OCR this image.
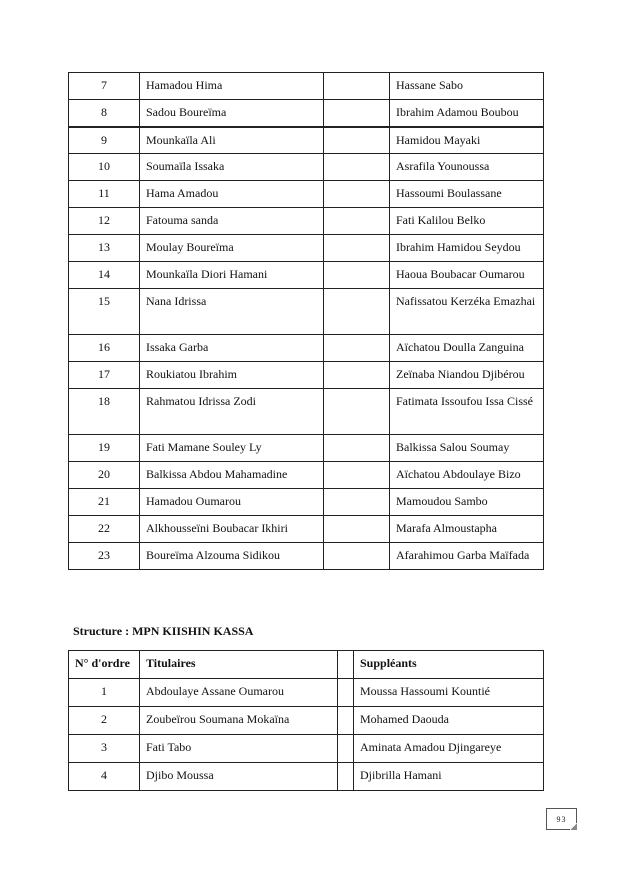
7	Hamadou Hima		Hassane Sabo
8	Sadou Boureïma		Ibrahim Adamou Boubou
9	Mounkaïla Ali		Hamidou Mayaki
10	Soumaïla Issaka		Asrafila Younoussa
11	Hama Amadou		Hassoumi Boulassane
12	Fatouma sanda		Fati Kalilou Belko
13	Moulay Boureïma		Ibrahim Hamidou Seydou
14	Mounkaïla Diori Hamani		Haoua Boubacar Oumarou
15	Nana Idrissa		Nafissatou Kerzéka Emazhai
16	Issaka Garba		Aïchatou Doulla Zanguina
17	Roukiatou Ibrahim		Zeïnaba Niandou Djibérou
18	Rahmatou Idrissa Zodi		Fatimata Issoufou Issa Cissé
19	Fati Mamane Souley Ly		Balkissa Salou Soumay
20	Balkissa Abdou Mahamadine		Aïchatou Abdoulaye Bizo
21	Hamadou Oumarou		Mamoudou Sambo
22	Alkhousseïni Boubacar Ikhiri		Marafa Almoustapha
23	Boureïma Alzouma Sidikou		Afarahimou Garba Maïfada
Structure : MPN KIISHIN KASSA
N° d'ordre	Titulaires		Suppléants
1	Abdoulaye Assane Oumarou		Moussa Hassoumi Kountié
2	Zoubeïrou Soumana Mokaïna		Mohamed Daouda
3	Fati Tabo		Aminata Amadou Djingareye
4	Djibo Moussa		Djibrilla Hamani
93
